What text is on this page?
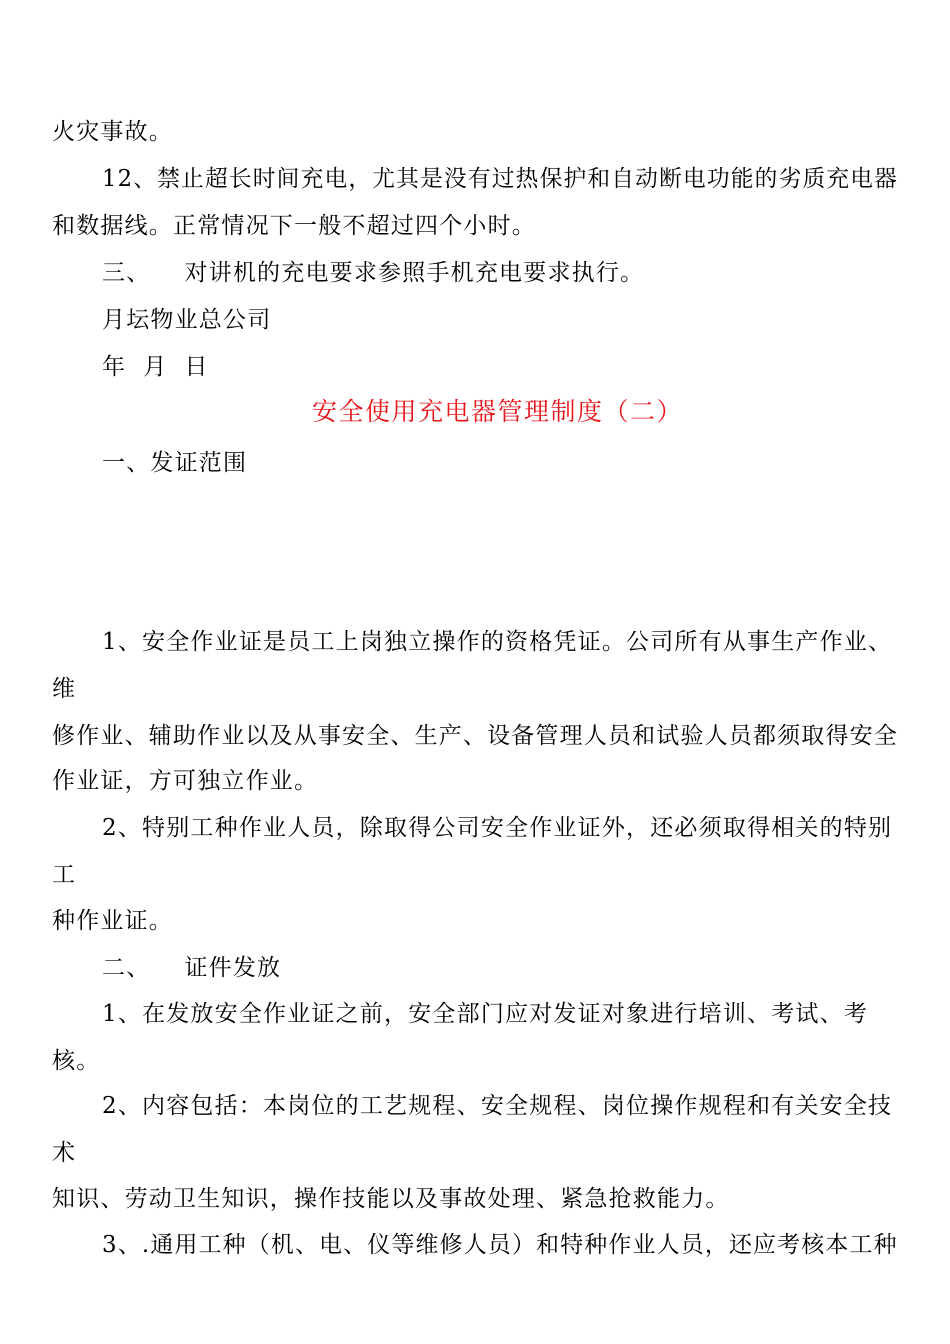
火灾事故。
12、禁止超长时间充电，尤其是没有过热保护和自动断电功能的劣质充电器
和数据线。正常情况下一般不超过四个小时。
三、    对讲机的充电要求参照手机充电要求执行。
月坛物业总公司
年  月  日
安全使用充电器管理制度（二）
一、发证范围
1、安全作业证是员工上岗独立操作的资格凭证。公司所有从事生产作业、
维
修作业、辅助作业以及从事安全、生产、设备管理人员和试验人员都须取得安全
作业证，方可独立作业。
2、特别工种作业人员，除取得公司安全作业证外，还必须取得相关的特别
工
种作业证。
二、    证件发放
1、在发放安全作业证之前，安全部门应对发证对象进行培训、考试、考
核。
2、内容包括：本岗位的工艺规程、安全规程、岗位操作规程和有关安全技
术
知识、劳动卫生知识，操作技能以及事故处理、紧急抢救能力。
3、.通用工种（机、电、仪等维修人员）和特种作业人员，还应考核本工种
